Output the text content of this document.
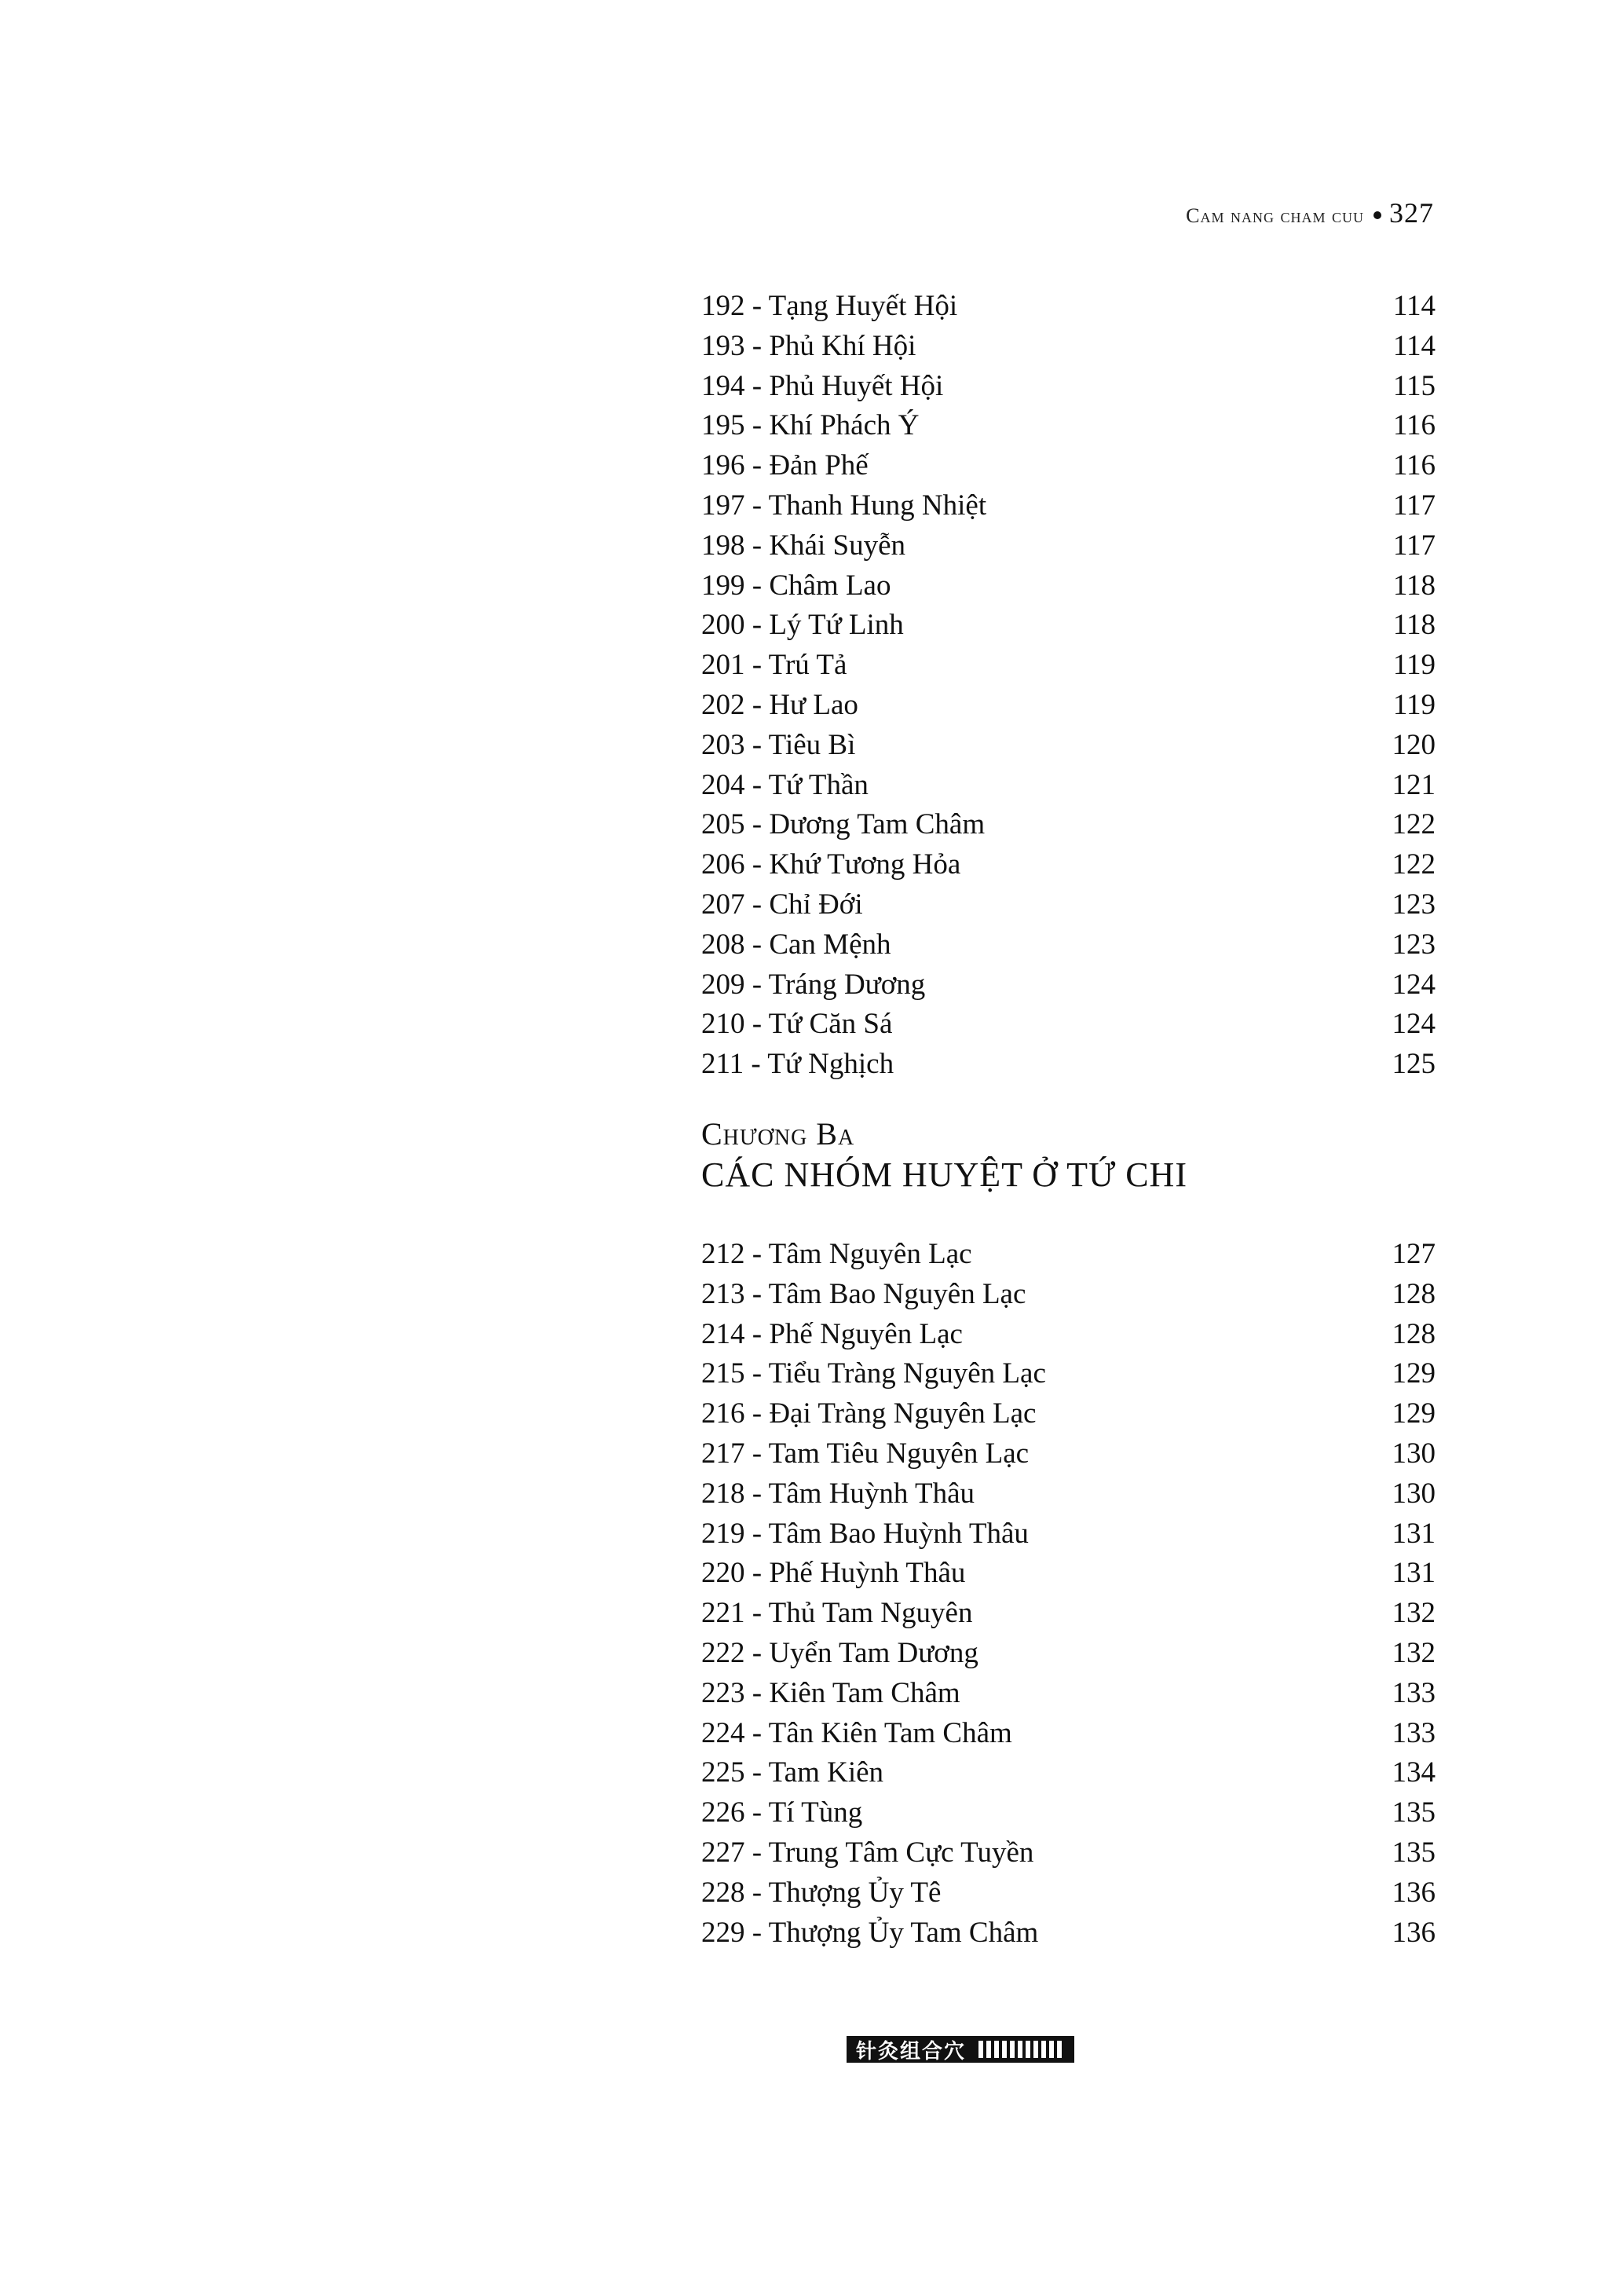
Cam nang cham cuu 327
192 - Tạng Huyết Hội	114
193 - Phủ Khí Hội	114
194 - Phủ Huyết Hội	115
195 - Khí Phách Ý	116
196 - Đản Phế	116
197 - Thanh Hung Nhiệt	117
198 - Khái Suyễn	117
199 - Châm Lao	118
200 - Lý Tứ Linh	118
201 - Trú Tả	119
202 - Hư Lao	119
203 - Tiêu Bì	120
204 - Tứ Thần	121
205 - Dương Tam Châm	122
206 - Khứ Tương Hỏa	122
207 - Chỉ Đới	123
208 - Can Mệnh	123
209 - Tráng Dương	124
210 - Tứ Căn Sá	124
211 - Tứ Nghịch	125
Chương Ba
CÁC NHÓM HUYỆT Ở TỨ CHI
212 - Tâm Nguyên Lạc	127
213 - Tâm Bao Nguyên Lạc	128
214 - Phế Nguyên Lạc	128
215 - Tiểu Tràng Nguyên Lạc	129
216 - Đại Tràng Nguyên Lạc	129
217 - Tam Tiêu Nguyên Lạc	130
218 - Tâm Huỳnh Thâu	130
219 - Tâm Bao Huỳnh Thâu	131
220 - Phế Huỳnh Thâu	131
221 - Thủ Tam Nguyên	132
222 - Uyển Tam Dương	132
223 - Kiên Tam Châm	133
224 - Tân Kiên Tam Châm	133
225 - Tam Kiên	134
226 - Tí Tùng	135
227 - Trung Tâm Cực Tuyền	135
228 - Thượng Ủy Tê	136
229 - Thượng Ủy Tam Châm	136
针灸组合穴
